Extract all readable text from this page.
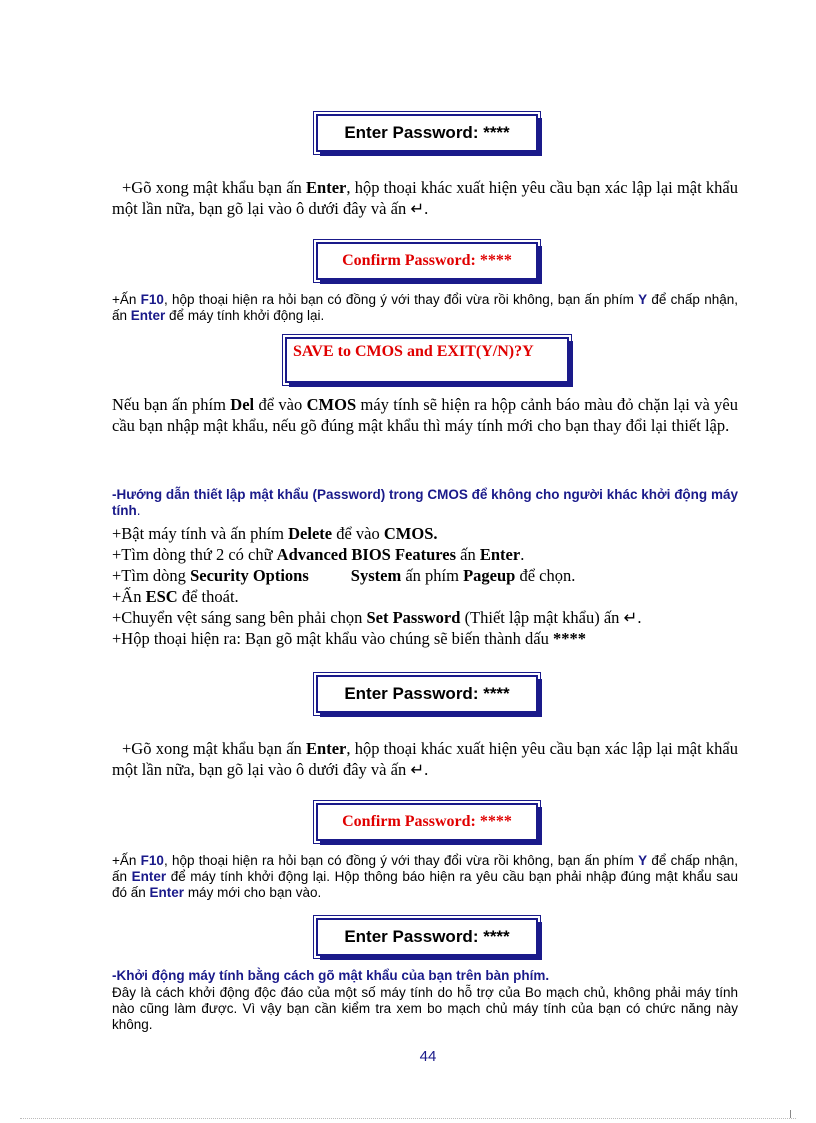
Enter Password: ****
+Gõ xong mật khẩu bạn ấn Enter, hộp thoại khác xuất hiện yêu cầu bạn xác lập lại mật khẩu một lần nữa, bạn gõ lại vào ô dưới đây và ấn ↵.
Confirm Password: ****
+Ấn F10, hộp thoại hiện ra hỏi bạn có đồng ý với thay đổi vừa rồi không, bạn ấn phím Y để chấp nhận, ấn Enter để máy tính khởi động lại.
SAVE to CMOS and EXIT(Y/N)?Y
Nếu bạn ấn phím Del để vào CMOS máy tính sẽ hiện ra hộp cảnh báo màu đỏ chặn lại và yêu cầu bạn nhập mật khẩu, nếu gõ đúng mật khẩu thì máy tính mới cho bạn thay đổi lại thiết lập.
-Hướng dẫn thiết lập mật khẩu (Password) trong CMOS để không cho người khác khởi động máy tính.
+Bật máy tính và ấn phím Delete để vào CMOS.
+Tìm dòng thứ 2 có chữ Advanced BIOS Features ấn Enter.
+Tìm dòng Security Options	System ấn phím Pageup để chọn.
+Ấn ESC để thoát.
+Chuyển vệt sáng sang bên phải chọn Set Password (Thiết lập mật khẩu) ấn ↵.
+Hộp thoại hiện ra: Bạn gõ mật khẩu vào chúng sẽ biến thành dấu ****
Enter Password: ****
+Gõ xong mật khẩu bạn ấn Enter, hộp thoại khác xuất hiện yêu cầu bạn xác lập lại mật khẩu một lần nữa, bạn gõ lại vào ô dưới đây và ấn ↵.
Confirm Password: ****
+Ấn F10, hộp thoại hiện ra hỏi bạn có đồng ý với thay đổi vừa rồi không, bạn ấn phím Y để chấp nhận, ấn Enter để máy tính khởi động lại. Hộp thông báo hiện ra yêu cầu bạn phải nhập đúng mật khẩu sau đó ấn Enter máy mới cho bạn vào.
Enter Password: ****
-Khởi động máy tính bằng cách gõ mật khẩu của bạn trên bàn phím.
Đây là cách khởi động độc đáo của một số máy tính do hỗ trợ của Bo mạch chủ, không phải máy tính nào cũng làm được. Vì vậy bạn cần kiểm tra xem bo mạch chủ máy tính của bạn có chức năng này không.
44
